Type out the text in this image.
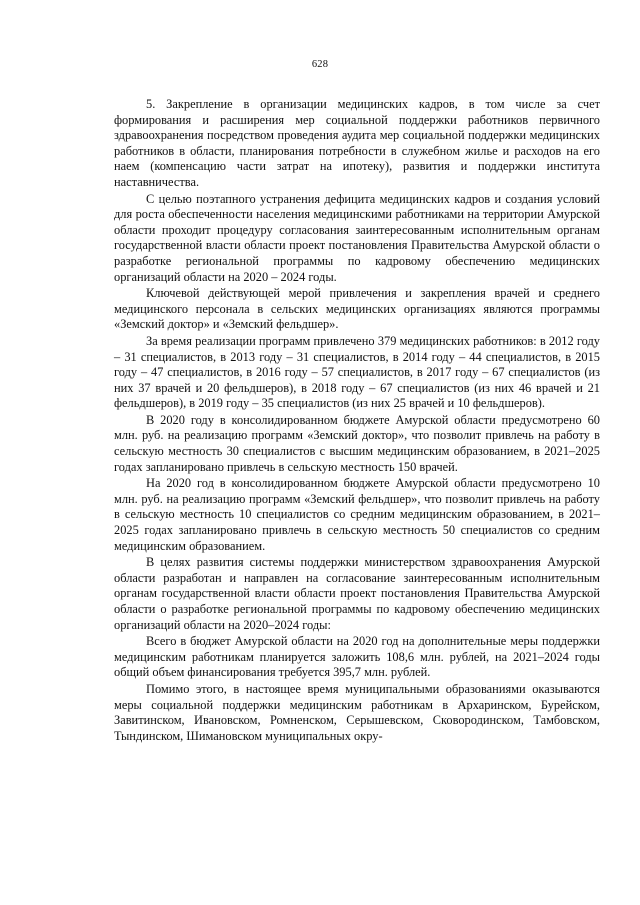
628

5. Закрепление в организации медицинских кадров, в том числе за счет формирования и расширения мер социальной поддержки работников первичного здравоохранения посредством проведения аудита мер социальной поддержки медицинских работников в области, планирования потребности в служебном жилье и расходов на его наем (компенсацию части затрат на ипотеку), развития и поддержки института наставничества.

С целью поэтапного устранения дефицита медицинских кадров и создания условий для роста обеспеченности населения медицинскими работниками на территории Амурской области проходит процедуру согласования заинтересованным исполнительным органам государственной власти области проект постановления Правительства Амурской области о разработке региональной программы по кадровому обеспечению медицинских организаций области на 2020 – 2024 годы.

Ключевой действующей мерой привлечения и закрепления врачей и среднего медицинского персонала в сельских медицинских организациях являются программы «Земский доктор» и «Земский фельдшер».

За время реализации программ привлечено 379 медицинских работников: в 2012 году – 31 специалистов, в 2013 году – 31 специалистов, в 2014 году – 44 специалистов, в 2015 году – 47 специалистов, в 2016 году – 57 специалистов, в 2017 году – 67 специалистов (из них 37 врачей и 20 фельдшеров), в 2018 году – 67 специалистов (из них 46 врачей и 21 фельдшеров), в 2019 году – 35 специалистов (из них 25 врачей и 10 фельдшеров).

В 2020 году в консолидированном бюджете Амурской области предусмотрено 60 млн. руб. на реализацию программ «Земский доктор», что позволит привлечь на работу в сельскую местность 30 специалистов с высшим медицинским образованием, в 2021–2025 годах запланировано привлечь в сельскую местность 150 врачей.

На 2020 год в консолидированном бюджете Амурской области предусмотрено 10 млн. руб. на реализацию программ «Земский фельдшер», что позволит привлечь на работу в сельскую местность 10 специалистов со средним медицинским образованием, в 2021–2025 годах запланировано привлечь в сельскую местность 50 специалистов со средним медицинским образованием.

В целях развития системы поддержки министерством здравоохранения Амурской области разработан и направлен на согласование заинтересованным исполнительным органам государственной власти области проект постановления Правительства Амурской области о разработке региональной программы по кадровому обеспечению медицинских организаций области на 2020–2024 годы:

Всего в бюджет Амурской области на 2020 год на дополнительные меры поддержки медицинским работникам планируется заложить 108,6 млн. рублей, на 2021–2024 годы общий объем финансирования требуется 395,7 млн. рублей.

Помимо этого, в настоящее время муниципальными образованиями оказываются меры социальной поддержки медицинским работникам в Архаринском, Бурейском, Завитинском, Ивановском, Ромненском, Серышевском, Сковородинском, Тамбовском, Тындинском, Шимановском муниципальных окру-
